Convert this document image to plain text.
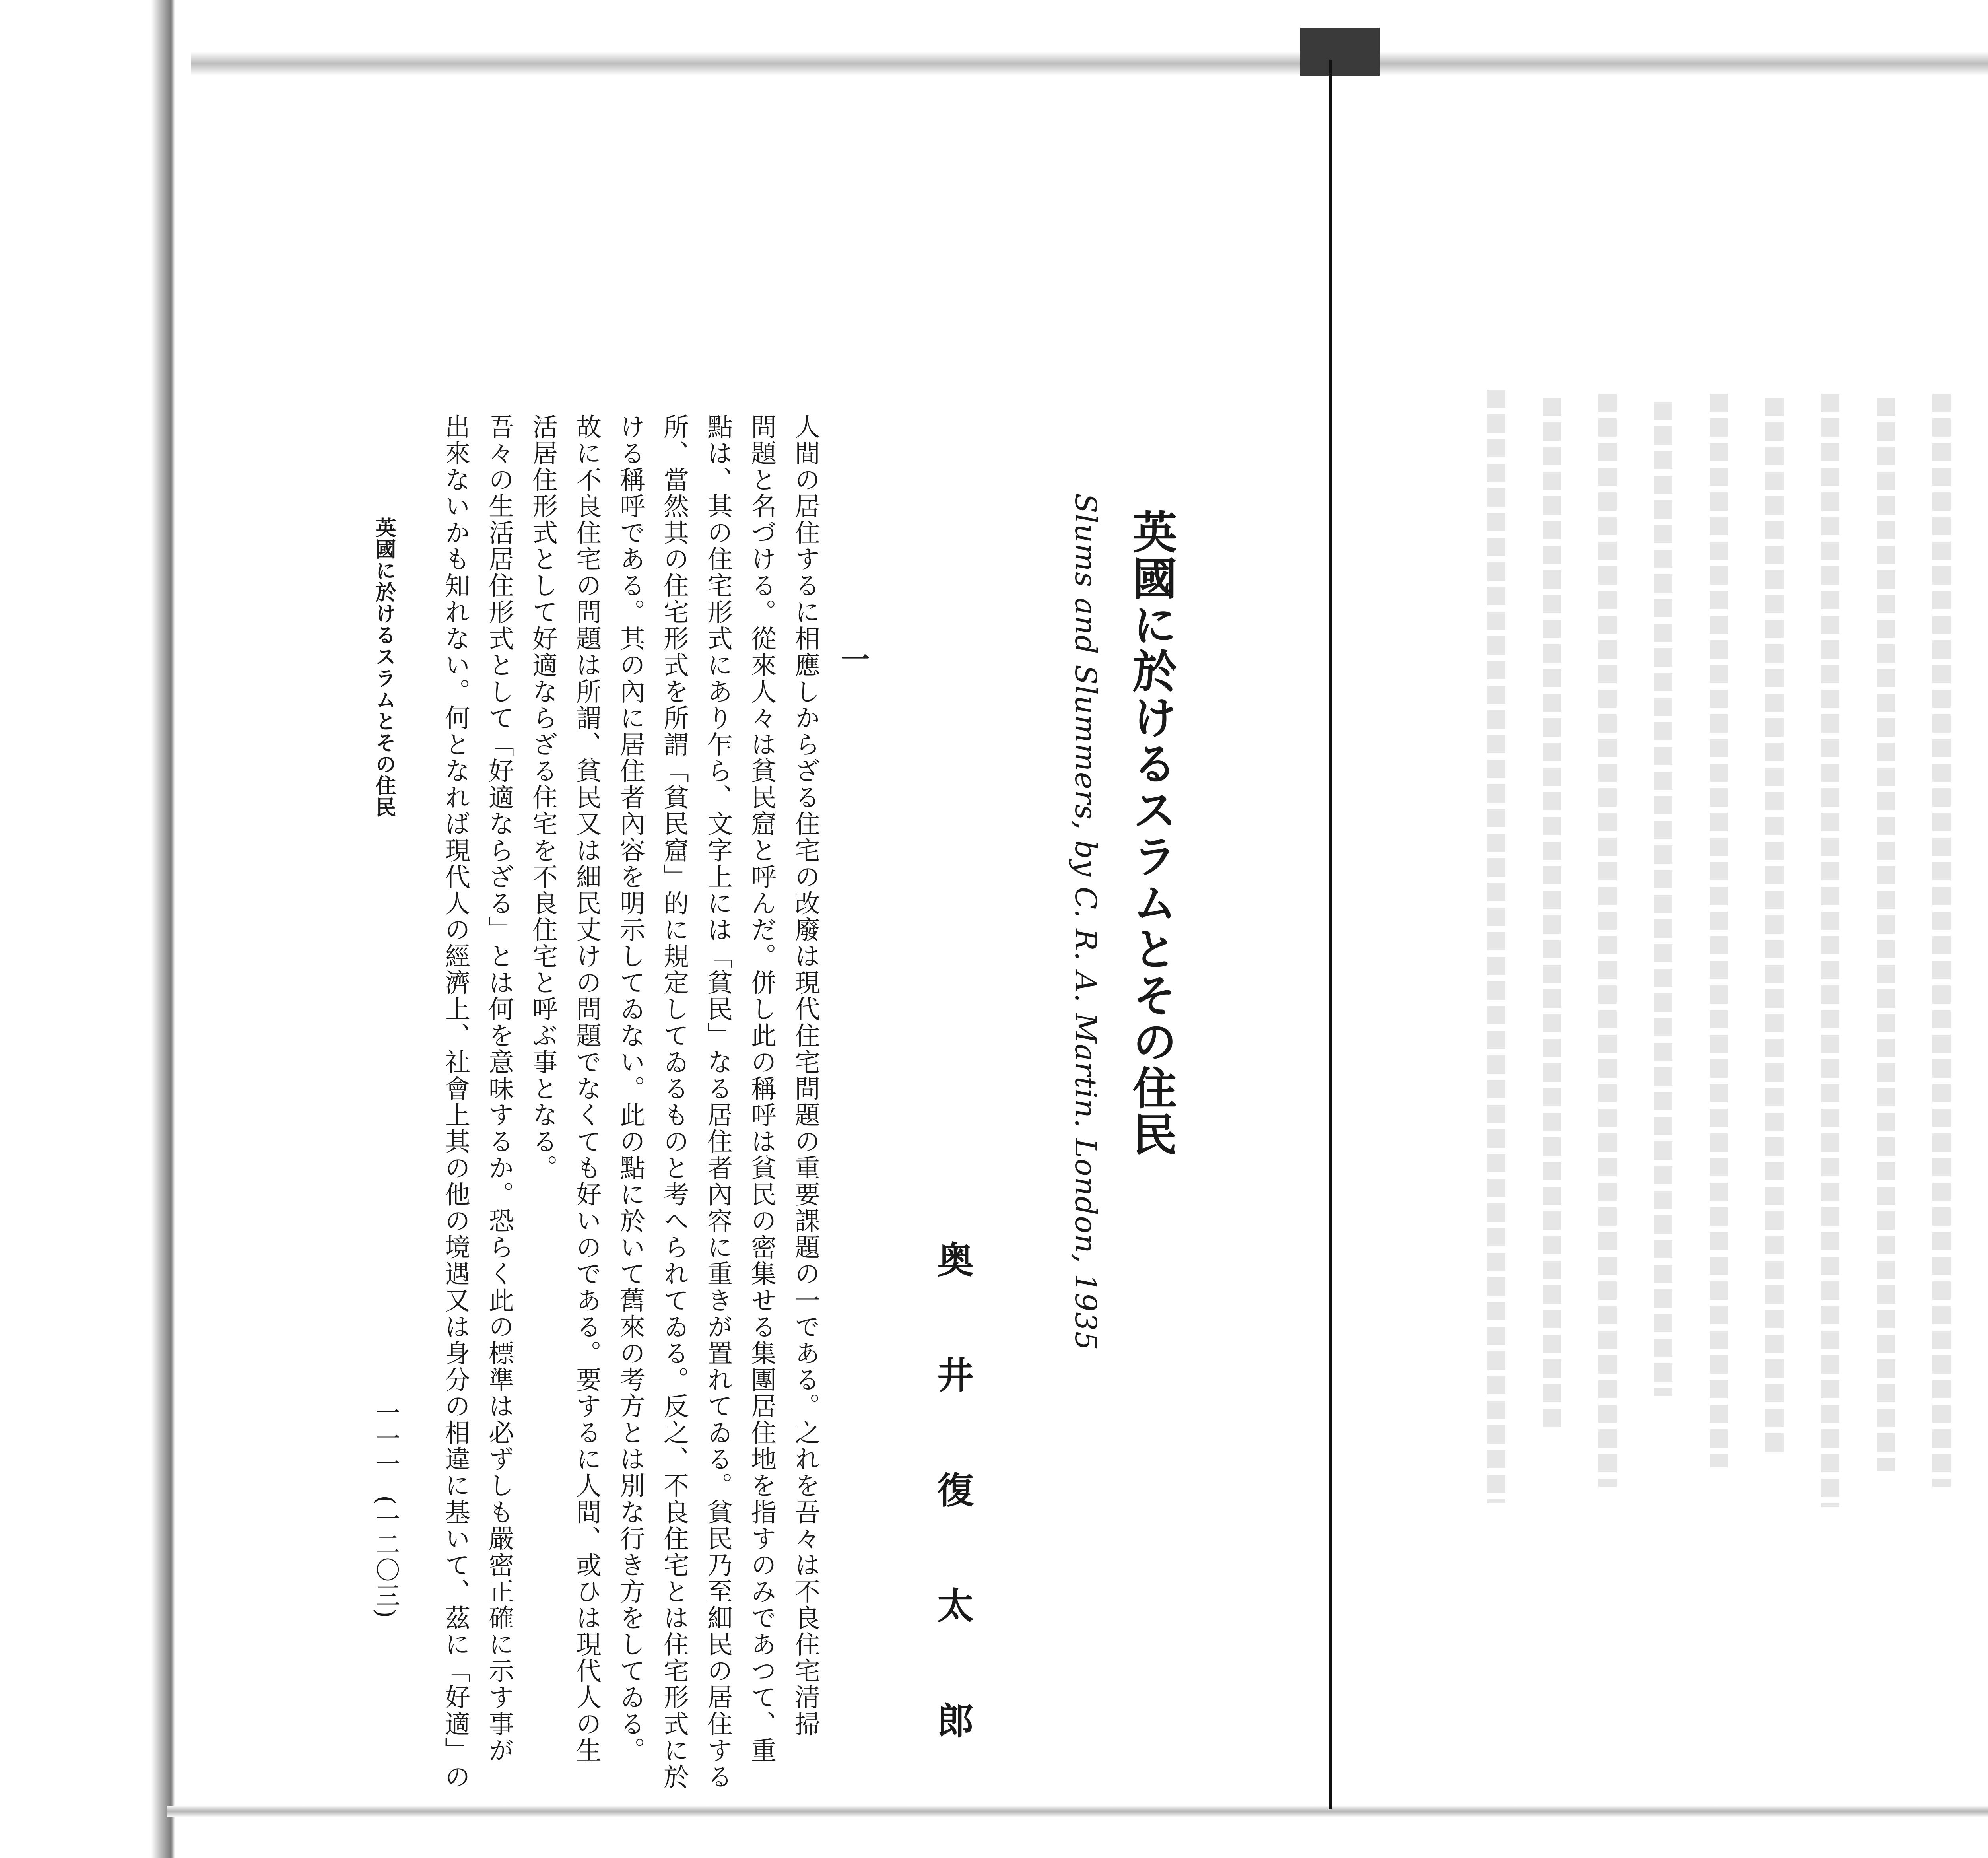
英國に於けるスラムとその住民
Slums and Slummers, by C. R. A. Martin. London, 1935
奥 井 復 太 郎
一
人間の居住するに相應しからざる住宅の改廢は現代住宅問題の重要課題の一である。之れを吾々は不良住宅清掃
問題と名づける。從來人々は貧民窟と呼んだ。併し此の稱呼は貧民の密集せる集團居住地を指すのみであつて、重
點は、其の住宅形式にあり乍ら、文字上には「貧民」なる居住者內容に重きが置れてゐる。貧民乃至細民の居住する
所、當然其の住宅形式を所謂「貧民窟」的に規定してゐるものと考へられてゐる。反之、不良住宅とは住宅形式に於
ける稱呼である。其の內に居住者內容を明示してゐない。此の點に於いて舊來の考方とは別な行き方をしてゐる。
故に不良住宅の問題は所謂、貧民又は細民丈けの問題でなくても好いのである。要するに人間、或ひは現代人の生
活居住形式として好適ならざる住宅を不良住宅と呼ぶ事となる。
吾々の生活居住形式として「好適ならざる」とは何を意味するか。恐らく此の標準は必ずしも嚴密正確に示す事が
出來ないかも知れない。何となれば現代人の經濟上、社會上其の他の境遇又は身分の相違に基いて、茲に「好適」の
英國に於けるスラムとその住民
一一一
(一二〇三)
